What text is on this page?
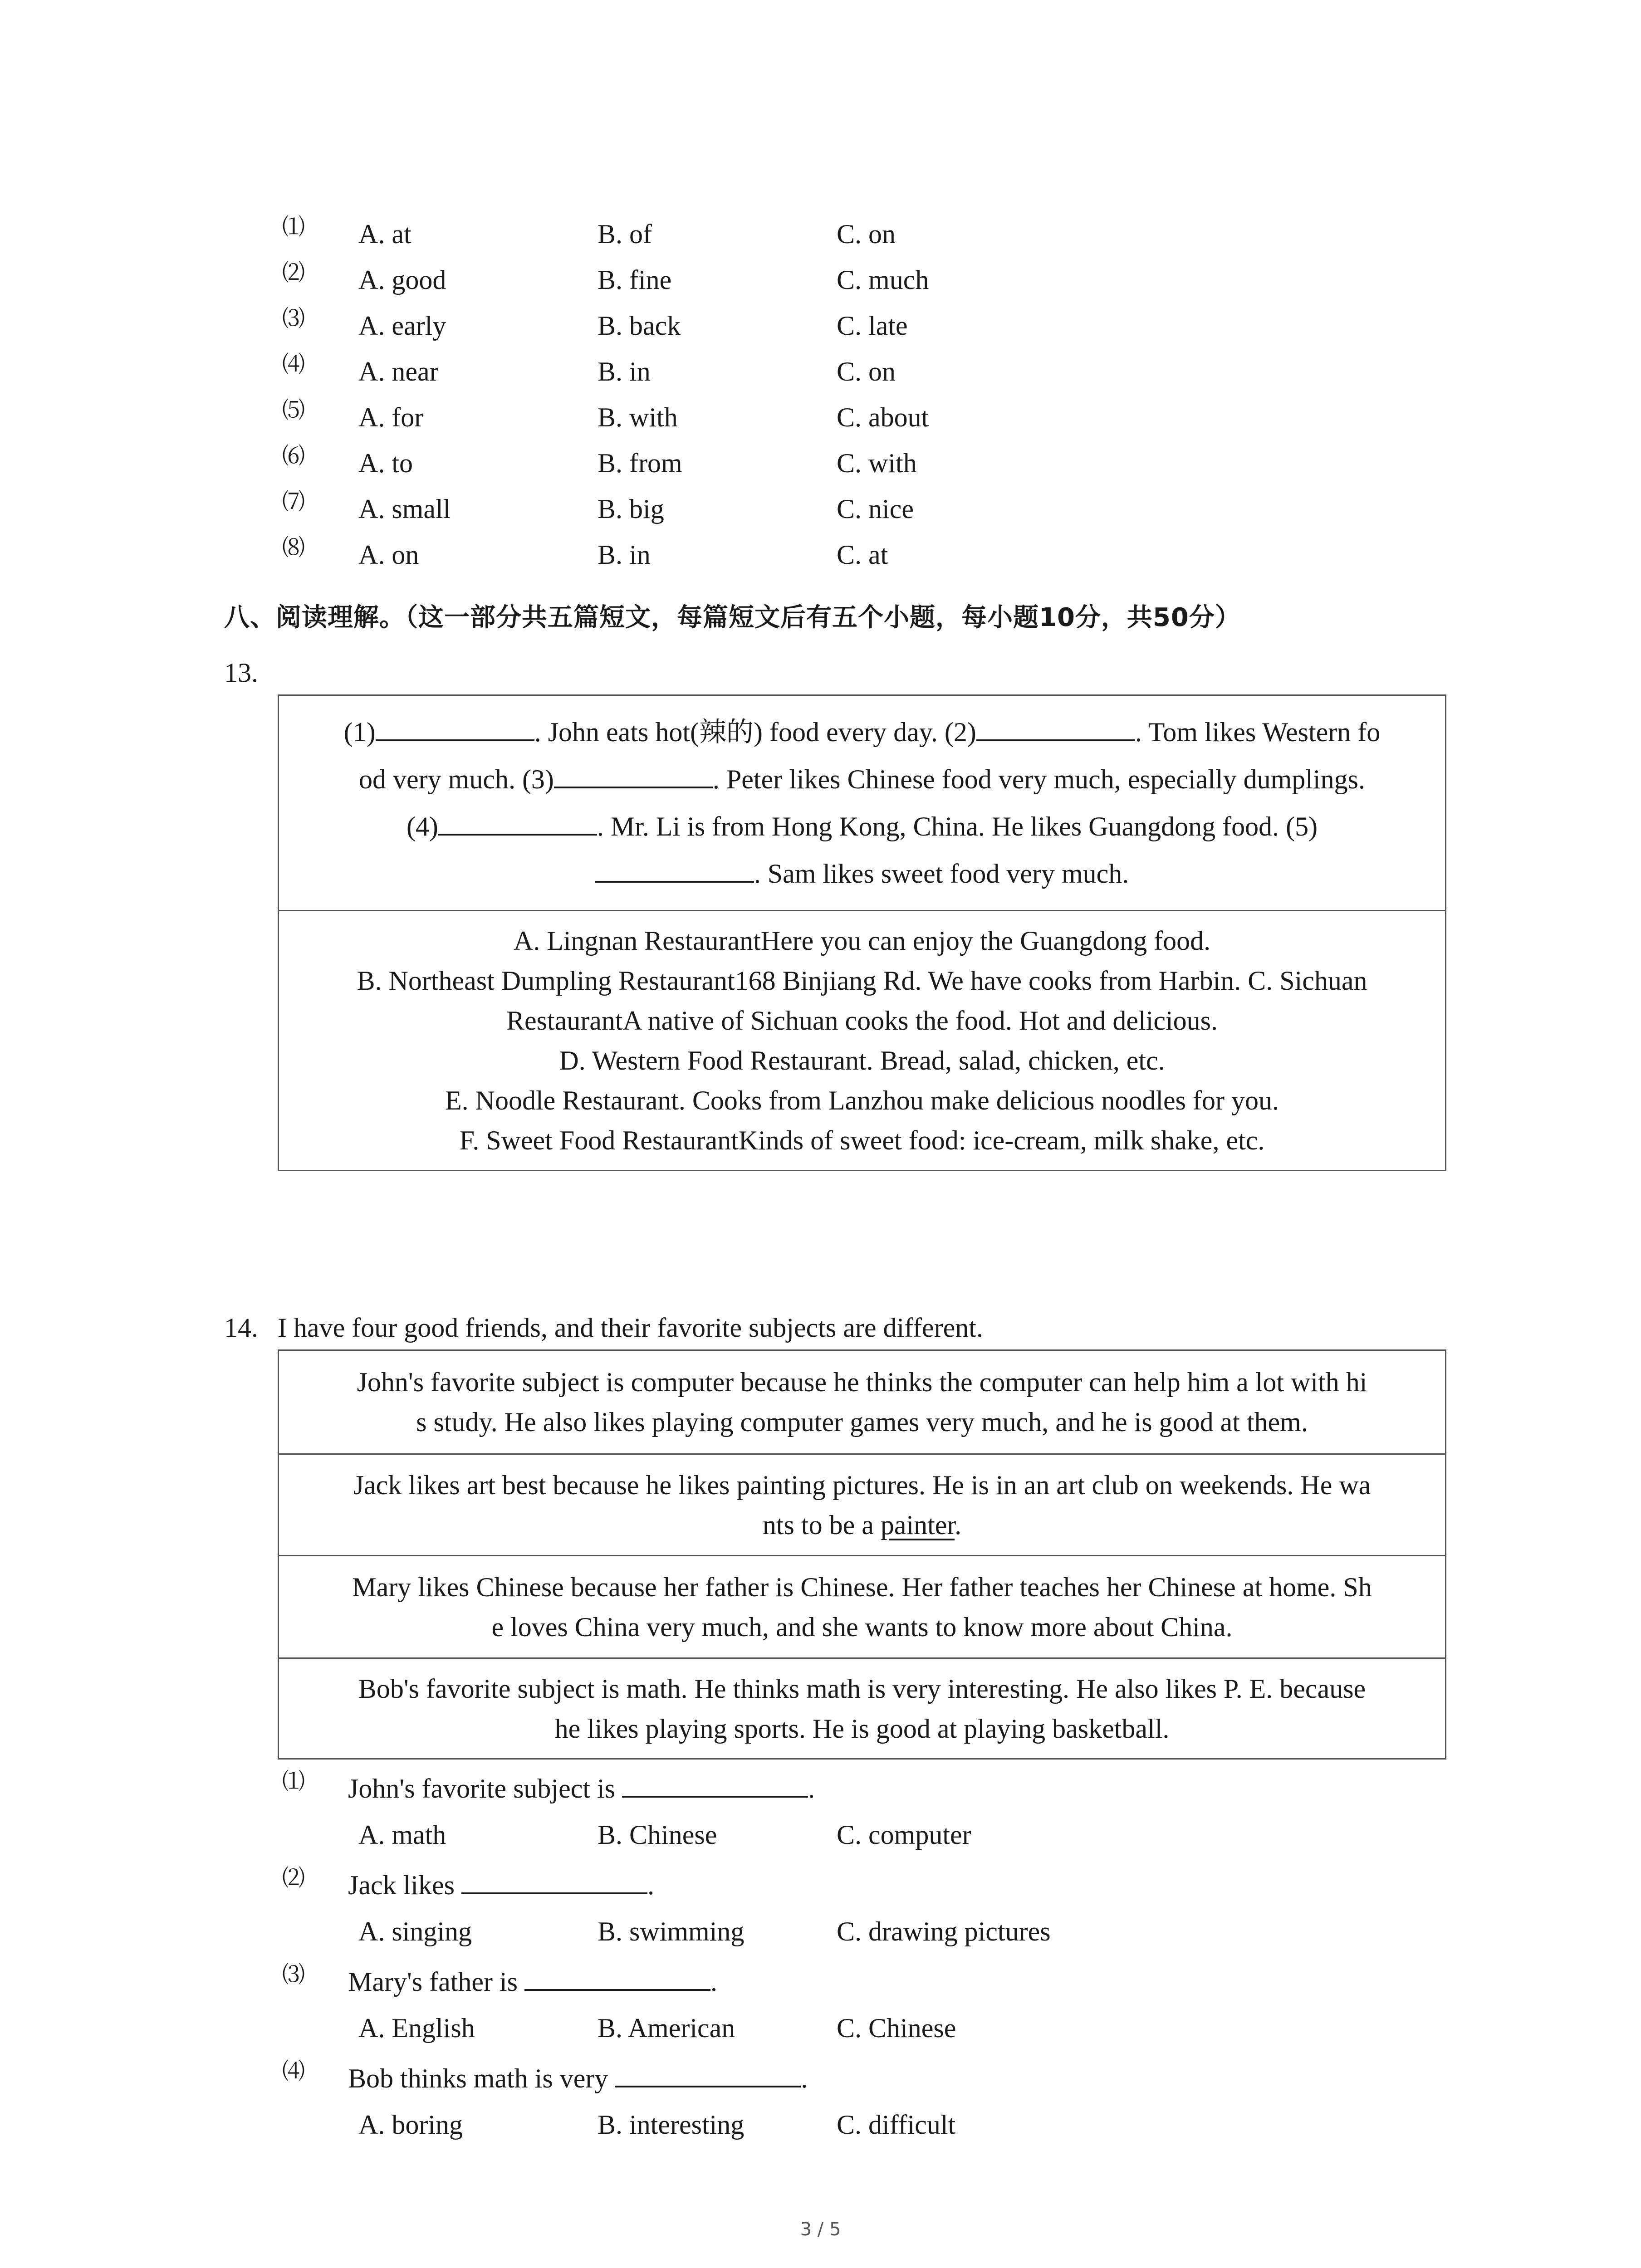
⑴ A. at	B. of	C. on
⑵ A. good	B. fine	C. much
⑶ A. early	B. back	C. late
⑷ A. near	B. in	C. on
⑸ A. for	B. with	C. about
⑹ A. to	B. from	C. with
⑺ A. small	B. big	C. nice
⑻ A. on	B. in	C. at
八、阅读理解。（这一部分共五篇短文，每篇短文后有五个小题，每小题10分，共50分）
13.

(1)	. John eats hot(辣的) food every day. (2)	. Tom likes Western fo

od very much. (3)	. Peter likes Chinese food very much, especially dumplings.

(4)	. Mr. Li is from Hong Kong, China. He likes Guangdong food. (5)

. Sam likes sweet food very much.

A. Lingnan RestaurantHere you can enjoy the Guangdong food.

B. Northeast Dumpling Restaurant168 Binjiang Rd. We have cooks from Harbin. C. Sichuan

RestaurantA native of Sichuan cooks the food. Hot and delicious.

D. Western Food Restaurant. Bread, salad, chicken, etc.

E. Noodle Restaurant. Cooks from Lanzhou make delicious noodles for you.

F. Sweet Food RestaurantKinds of sweet food: ice-cream, milk shake, etc.

14. I have four good friends, and their favorite subjects are different.

John's favorite subject is computer because he thinks the computer can help him a lot with hi

s study. He also likes playing computer games very much, and he is good at them.

Jack likes art best because he likes painting pictures. He is in an art club on weekends. He wa

nts to be a painter.

Mary likes Chinese because her father is Chinese. Her father teaches her Chinese at home. Sh

e loves China very much, and she wants to know more about China.

Bob's favorite subject is math. He thinks math is very interesting. He also likes P. E. because

he likes playing sports. He is good at playing basketball.

⑴ John's favorite subject is	.
A. math	B. Chinese	C. computer
⑵ Jack likes	.
A. singing	B. swimming	C. drawing pictures
⑶ Mary's father is	.
A. English	B. American	C. Chinese
⑷ Bob thinks math is very	.
A. boring	B. interesting	C. difficult
3 / 5
